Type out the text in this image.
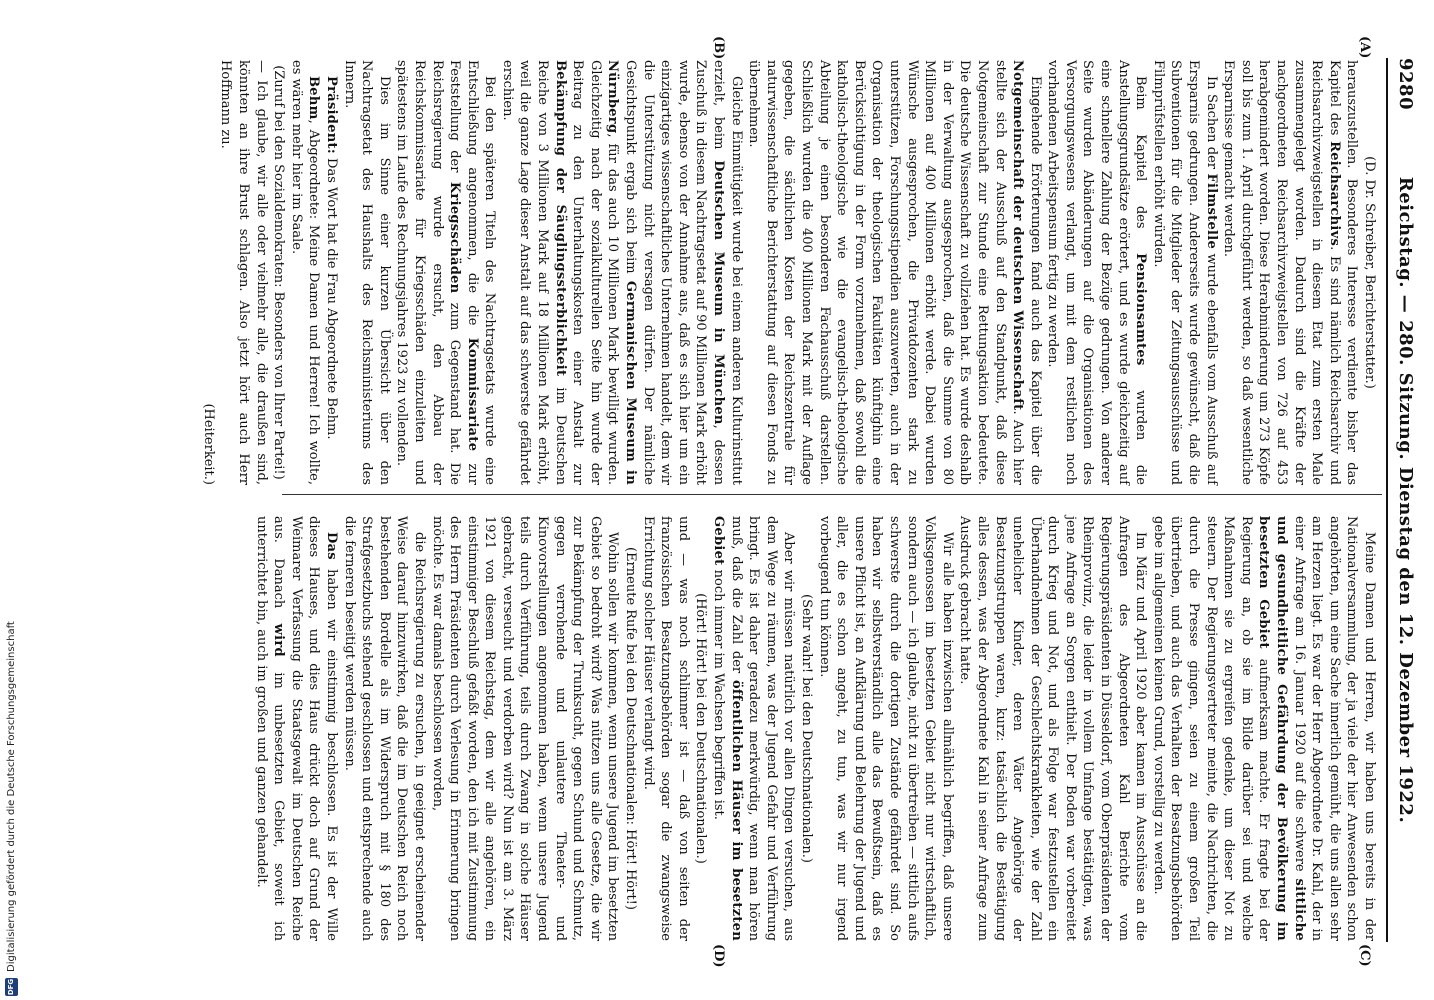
9280
Reichstag. — 280. Sitzung. Dienstag den 12. Dezember 1922.
(A)
(B)
(C)
(D)

(D. Dr. Schreiber, Berichterstatter.)

herauszustellen. Besonderes Interesse verdiente bisher das Kapitel des Reichsarchivs. Es sind nämlich Reichsarchiv und Reichsarchivzweigstellen in diesem Etat zum ersten Male zusammengelegt worden. Dadurch sind die Kräfte der nachgeordneten Reichsarchivzweigstellen von 726 auf 453 herabgemindert worden. Diese Herabminderung um 273 Köpfe soll bis zum 1. April durchgeführt werden, so daß wesentliche Ersparnisse gemacht werden.

In Sachen der Filmstelle wurde ebenfalls vom Ausschuß auf Ersparnis gedrungen. Andererseits wurde gewünscht, daß die Subventionen für die Mitglieder der Zeitungsausschüsse und Filmprüfstellen erhöht würden.

Beim Kapitel des Pensionsamtes wurden die Anstellungsgrundsätze erörtert, und es wurde gleichzeitig auf eine schnellere Zahlung der Bezüge gedrungen. Von anderer Seite wurden Abänderungen auf die Organisationen des Versorgungswesens verlangt, um mit dem restlichen noch vorhandenen Arbeitspensum fertig zu werden.

Eingehende Erörterungen fand auch das Kapitel über die Notgemeinschaft der deutschen Wissenschaft. Auch hier stellte sich der Ausschuß auf den Standpunkt, daß diese Notgemeinschaft zur Stunde eine Rettungsaktion bedeutete. Die deutsche Wissenschaft zu vollziehen hat. Es wurde deshalb in der Verwaltung ausgesprochen, daß die Summe von 80 Millionen auf 400 Millionen erhöht werde. Dabei wurden Wünsche ausgesprochen, die Privatdozenten stark zu unterstützen, Forschungsstipendien auszuwerten, auch in der Organisation der theologischen Fakultäten künftighin eine Berücksichtigung in der Form vorzunehmen, daß sowohl die katholisch-theologische wie die evangelisch-theologische Abteilung je einen besonderen Fachausschuß darstellen. Schließlich wurden die 400 Millionen Mark mit der Auflage gegeben, die sächlichen Kosten der Reichszentrale für naturwissenschaftliche Berichterstattung auf diesen Fonds zu übernehmen.

Gleiche Einmütigkeit wurde bei einem anderen Kulturinstitut erzielt, beim Deutschen Museum in München, dessen Zuschuß in diesem Nachtragsetat auf 90 Millionen Mark erhöht wurde, ebenso von der Annahme aus, daß es sich hier um ein einzigartiges wissenschaftliches Unternehmen handelt, dem wir die Unterstützung nicht versagen dürfen. Der nämliche Gesichtspunkt ergab sich beim Germanischen Museum in Nürnberg, für das auch 10 Millionen Mark bewilligt wurden. Gleichzeitig nach der sozialkulturellen Seite hin wurde der Beitrag zu den Unterhaltungskosten einer Anstalt zur Bekämpfung der Säuglingssterblichkeit im Deutschen Reiche von 3 Millionen Mark auf 18 Millionen Mark erhöht, weil die ganze Lage dieser Anstalt auf das schwerste gefährdet erschien.

Bei den späteren Titeln des Nachtragsetats wurde eine Entschließung angenommen, die die Kommissariate zur Feststellung der Kriegsschäden zum Gegenstand hat. Die Reichsregierung wurde ersucht, den Abbau der Reichskommissariate für Kriegsschäden einzuleiten und spätestens im Laufe des Rechnungsjahres 1923 zu vollenden.

Dies im Sinne einer kurzen Übersicht über den Nachtragsetat des Haushalts des Reichsministeriums des Innern.

Präsident: Das Wort hat die Frau Abgeordnete Behm.

Behm, Abgeordnete: Meine Damen und Herren! Ich wollte, es wären mehr hier im Saale.

(Zuruf bei den Sozialdemokraten: Besonders von Ihrer Partei!)

— Ich glaube, wir alle oder vielmehr alle, die draußen sind, könnten an ihre Brust schlagen. Also jetzt hört auch Herr Hoffmann zu.

(Heiterkeit.)

Meine Damen und Herren, wir haben uns bereits in der Nationalversammlung, der ja viele der hier Anwesenden schon angehörten, um eine Sache innerlich gemüht, die uns allen sehr am Herzen liegt. Es war der Herr Abgeordnete Dr. Kahl, der in einer Anfrage am 16. Januar 1920 auf die schwere sittliche und gesundheitliche Gefährdung der Bevölkerung im besetzten Gebiet aufmerksam machte. Er fragte bei der Regierung an, ob sie im Bilde darüber sei und welche Maßnahmen sie zu ergreifen gedenke, um dieser Not zu steuern. Der Regierungsvertreter meinte, die Nachrichten, die durch die Presse gingen, seien zu einem großen Teil übertrieben, und auch das Verhalten der Besatzungsbehörden gebe im allgemeinen keinen Grund, vorstellig zu werden.

Im März und April 1920 aber kamen im Ausschüsse an die Anfragen des Abgeordneten Kahl Berichte vom Regierungspräsidenten in Düsseldorf, vom Oberpräsidenten der Rheinprovinz, die leider in vollem Umfange bestätigten, was jene Anfrage an Sorgen enthielt. Der Boden war vorbereitet durch Krieg und Not, und als Folge war festzustellen ein Überhandnehmen der Geschlechtskrankheiten, wie der Zahl unehelicher Kinder, deren Väter Angehörige der Besatzungstruppen waren, kurz: tatsächlich die Bestätigung alles dessen, was der Abgeordnete Kahl in seiner Anfrage zum Ausdruck gebracht hatte.

Wir alle haben inzwischen allmählich begriffen, daß unsere Volksgenossen im besetzten Gebiet nicht nur wirtschaftlich, sondern auch — ich glaube, nicht zu übertreiben — sittlich aufs schwerste durch die dortigen Zustände gefährdet sind. So haben wir selbstverständlich alle das Bewußtsein, daß es unsere Pflicht ist, an Aufklärung und Belehrung der Jugend und aller, die es schon angeht, zu tun, was wir nur irgend vorbeugend tun können.

(Sehr wahr! bei den Deutschnationalen.)

Aber wir müssen natürlich vor allen Dingen versuchen, aus dem Wege zu räumen, was der Jugend Gefahr und Verführung bringt. Es ist daher geradezu merkwürdig, wenn man hören muß, daß die Zahl der öffentlichen Häuser im besetzten Gebiet noch immer im Wachsen begriffen ist.

(Hört! Hört! bei den Deutschnationalen.)

und — was noch schlimmer ist — daß von seiten der französischen Besatzungsbehörden sogar die zwangsweise Errichtung solcher Häuser verlangt wird.

(Erneute Rufe bei den Deutschnationalen: Hört! Hört!)

Wohin sollen wir kommen, wenn unsere Jugend im besetzten Gebiet so bedroht wird? Was nützen uns alle Gesetze, die wir zur Bekämpfung der Trunksucht, gegen Schund und Schmutz, gegen verrohende und unlautere Theater- und Kinovorstellungen angenommen haben, wenn unsere Jugend teils durch Verführung, teils durch Zwang in solche Häuser gebracht, verseucht und verdorben wird? Nun ist am 3. März 1921 von diesem Reichstag, dem wir alle angehören, ein einstimmiger Beschluß gefaßt worden, den ich mit Zustimmung des Herrn Präsidenten durch Verlesung in Erinnerung bringen möchte. Es war damals beschlossen worden,

die Reichsregierung zu ersuchen, in geeignet erscheinender Weise darauf hinzuwirken, daß die im Deutschen Reich noch bestehenden Bordelle als im Widerspruch mit § 180 des Strafgesetzbuchs stehend geschlossen und entsprechende auch die ferneren beseitigt werden müssen.

Das haben wir einstimmig beschlossen. Es ist der Wille dieses Hauses, und dies Haus drückt doch auf Grund der Weimarer Verfassung die Staatsgewalt im Deutschen Reiche aus. Danach wird im unbesetzten Gebiet, soweit ich unterrichtet bin, auch im großen und ganzen gehandelt.

DFG
Digitalisierung gefördert durch die Deutsche Forschungsgemeinschaft
